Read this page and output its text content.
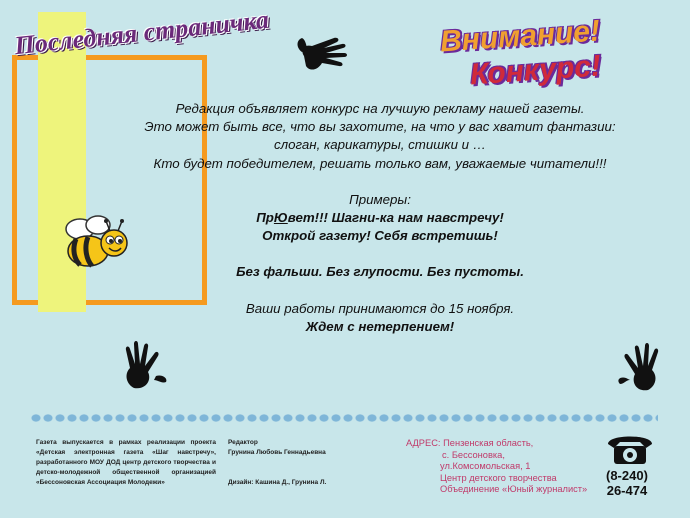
Последняя страничка	Внимание!
Конкурс!

Редакция объявляет конкурс на лучшую рекламу нашей газеты.

Это может быть все, что вы захотите, на что у вас хватит фантазии:

слоган, карикатуры, стишки и …

Кто будет победителем, решать только вам, уважаемые читатели!!!

Примеры:

ПрЮвет!!! Шагни-ка нам навстречу!

Открой газету! Себя встретишь!

Без фальши. Без глупости. Без пустоты.

Ваши работы принимаются до 15 ноября.

Ждем с нетерпением!

Газета выпускается в рамках реализации проекта «Детская электронная газета «Шаг навстречу», разработанного МОУ ДОД центр детского творчества и детско-молодежной общественной организацией «Бессоновская Ассоциация Молодежи»
Редактор
Грунина Любовь Геннадьевна
Дизайн: Кашина Д., Грунина Л.
АДРЕС: Пензенская область,
с. Бессоновка,
ул.Комсомольская, 1
Центр детского творчества
Объединение «Юный журналист»
(8-240)
26-474
